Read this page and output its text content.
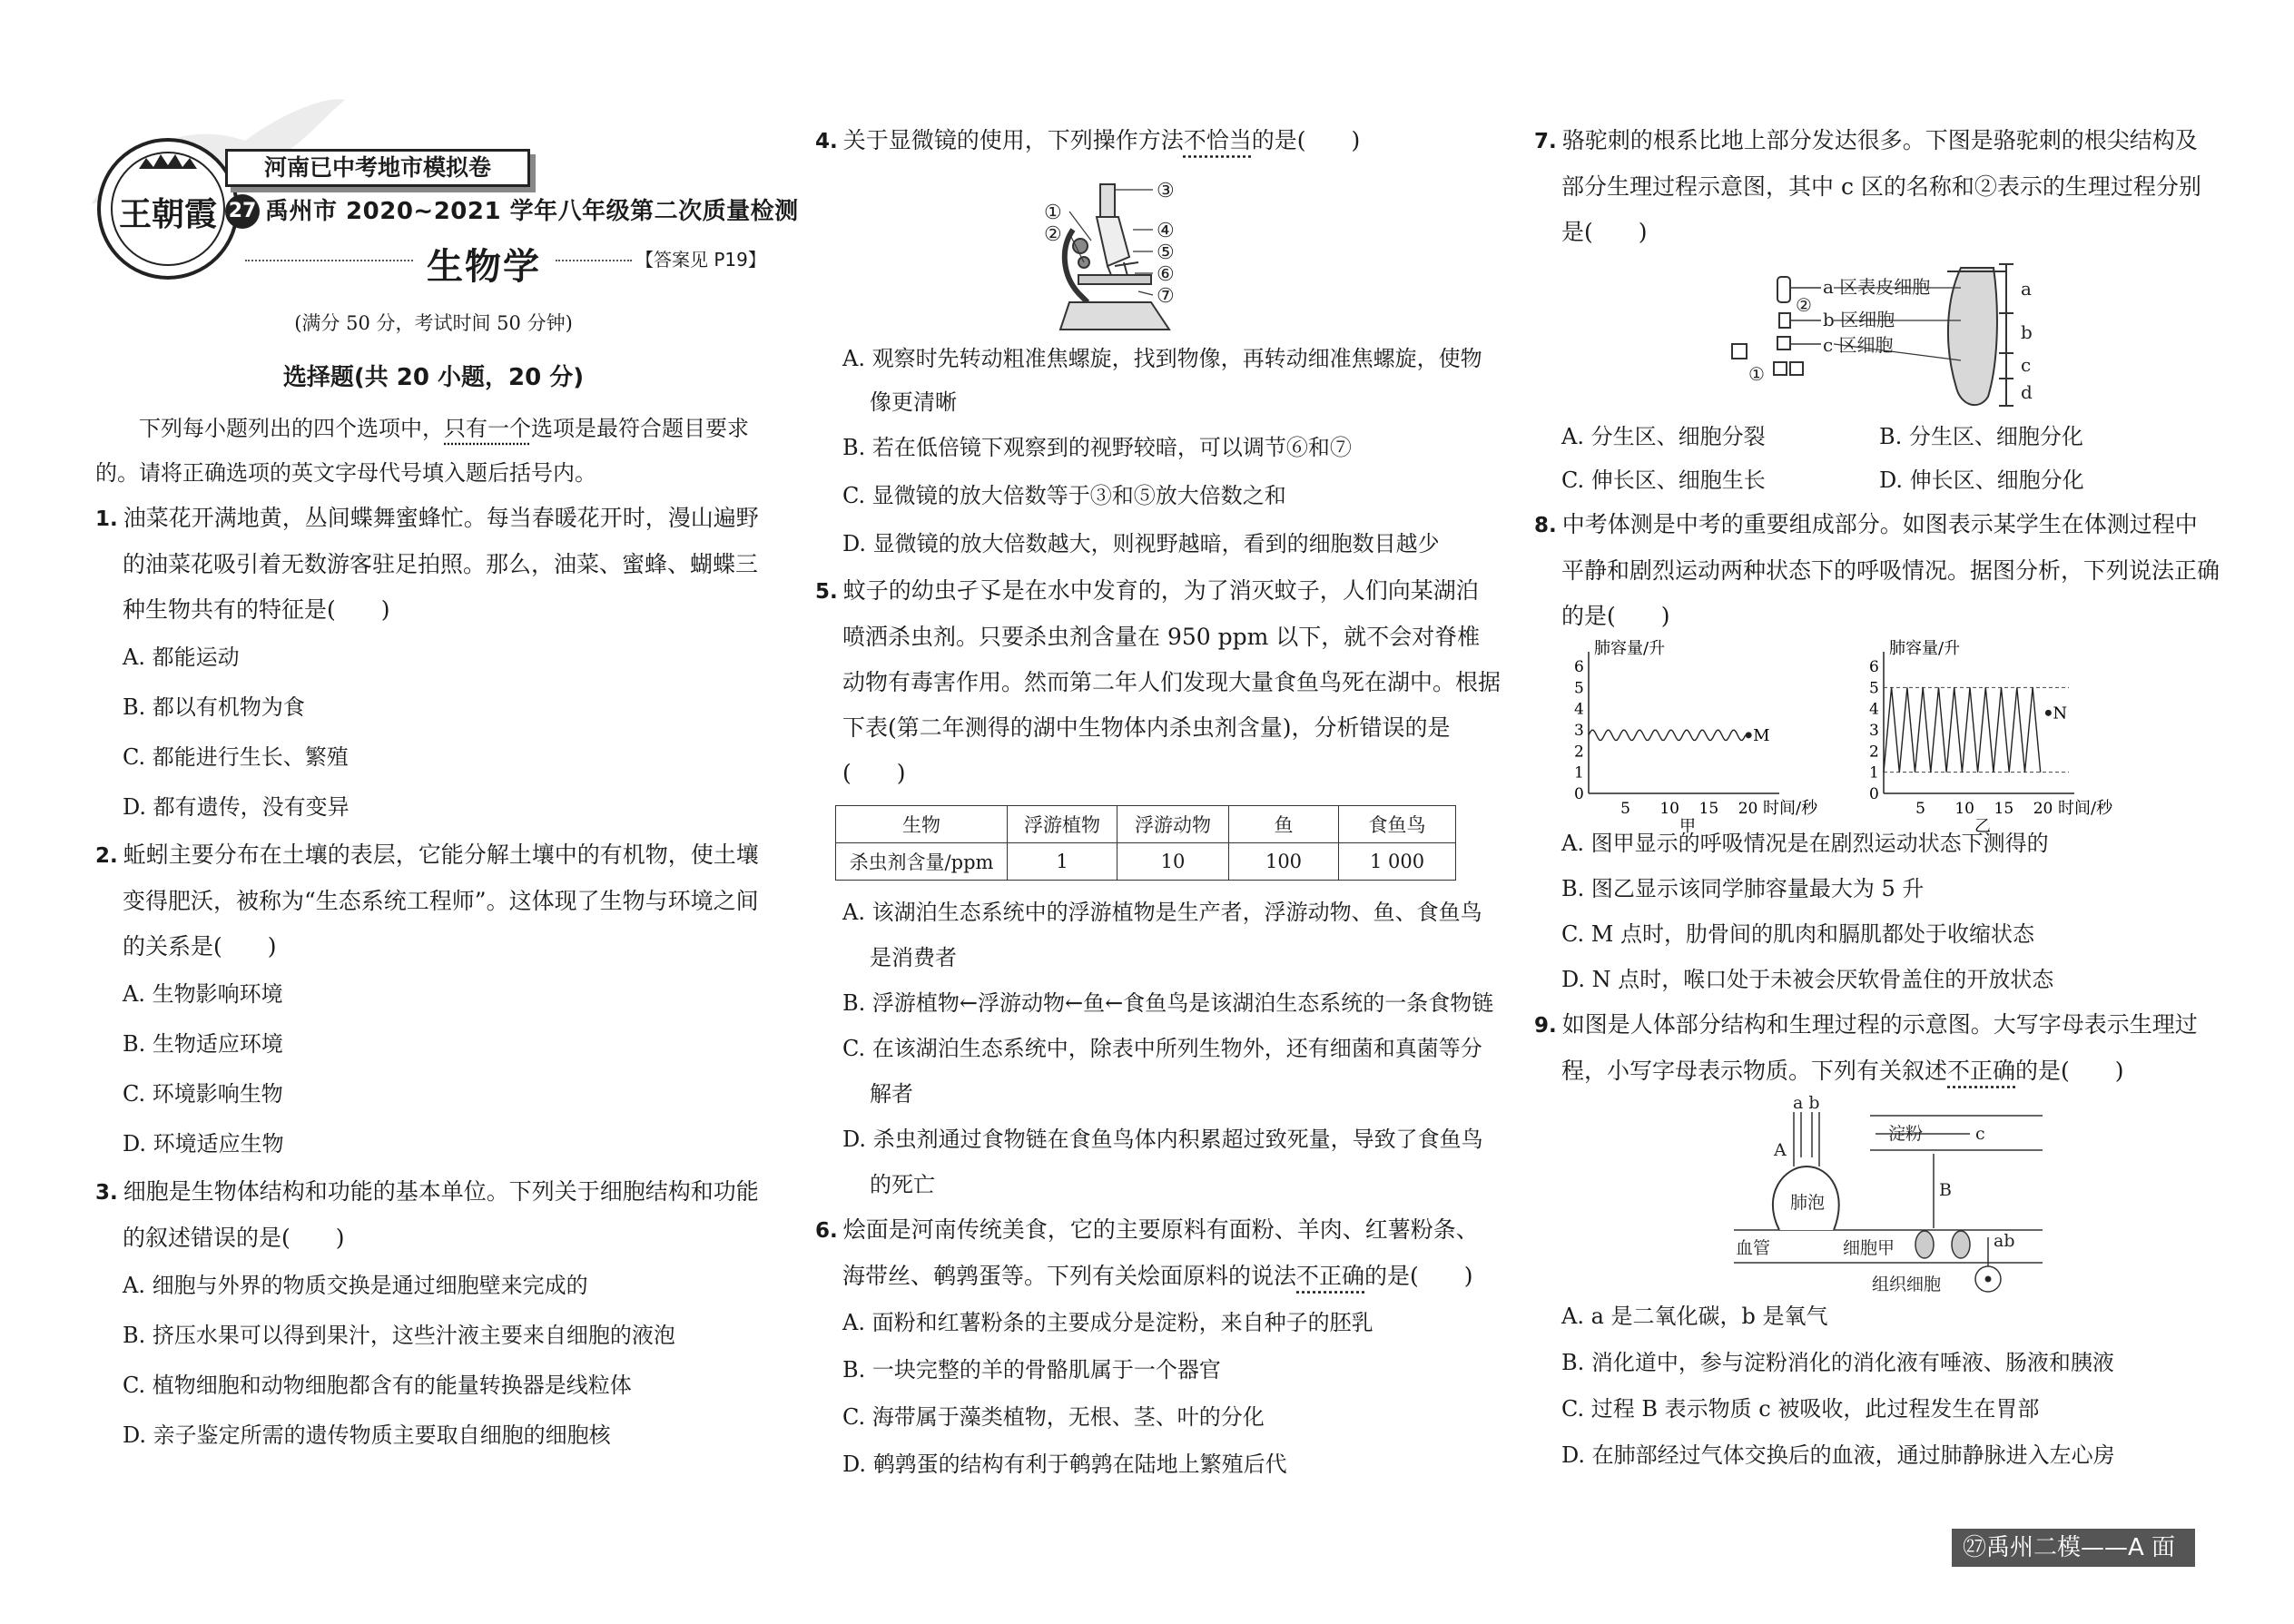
王朝霞
河南已中考地市模拟卷
27 禹州市 2020~2021 学年八年级第二次质量检测
生物学	【答案见 P19】
(满分 50 分，考试时间 50 分钟)
选择题(共 20 小题，20 分)
下列每小题列出的四个选项中，只有一个选项是最符合题目要求的。请将正确选项的英文字母代号填入题后括号内。
1. 油菜花开满地黄，丛间蝶舞蜜蜂忙。每当春暖花开时，漫山遍野的油菜花吸引着无数游客驻足拍照。那么，油菜、蜜蜂、蝴蝶三种生物共有的特征是(　　)
A. 都能运动
B. 都以有机物为食
C. 都能进行生长、繁殖
D. 都有遗传，没有变异
2. 蚯蚓主要分布在土壤的表层，它能分解土壤中的有机物，使土壤变得肥沃，被称为“生态系统工程师”。这体现了生物与环境之间的关系是(　　)
A. 生物影响环境
B. 生物适应环境
C. 环境影响生物
D. 环境适应生物
3. 细胞是生物体结构和功能的基本单位。下列关于细胞结构和功能的叙述错误的是(　　)
A. 细胞与外界的物质交换是通过细胞壁来完成的
B. 挤压水果可以得到果汁，这些汁液主要来自细胞的液泡
C. 植物细胞和动物细胞都含有的能量转换器是线粒体
D. 亲子鉴定所需的遗传物质主要取自细胞的细胞核
4. 关于显微镜的使用，下列操作方法不恰当的是(　　)
①
②
③
④
⑤
⑥
⑦
A. 观察时先转动粗准焦螺旋，找到物像，再转动细准焦螺旋，使物像更清晰
B. 若在低倍镜下观察到的视野较暗，可以调节⑥和⑦
C. 显微镜的放大倍数等于③和⑤放大倍数之和
D. 显微镜的放大倍数越大，则视野越暗，看到的细胞数目越少
5. 蚊子的幼虫孑孓是在水中发育的，为了消灭蚊子，人们向某湖泊喷洒杀虫剂。只要杀虫剂含量在 950 ppm 以下，就不会对脊椎动物有毒害作用。然而第二年人们发现大量食鱼鸟死在湖中。根据下表(第二年测得的湖中生物体内杀虫剂含量)，分析错误的是(　　)
生物	浮游植物	浮游动物	鱼	食鱼鸟
杀虫剂含量/ppm	1	10	100	1 000
A. 该湖泊生态系统中的浮游植物是生产者，浮游动物、鱼、食鱼鸟是消费者
B. 浮游植物←浮游动物←鱼←食鱼鸟是该湖泊生态系统的一条食物链
C. 在该湖泊生态系统中，除表中所列生物外，还有细菌和真菌等分解者
D. 杀虫剂通过食物链在食鱼鸟体内积累超过致死量，导致了食鱼鸟的死亡
6. 烩面是河南传统美食，它的主要原料有面粉、羊肉、红薯粉条、海带丝、鹌鹑蛋等。下列有关烩面原料的说法不正确的是(　　)
A. 面粉和红薯粉条的主要成分是淀粉，来自种子的胚乳
B. 一块完整的羊的骨骼肌属于一个器官
C. 海带属于藻类植物，无根、茎、叶的分化
D. 鹌鹑蛋的结构有利于鹌鹑在陆地上繁殖后代
7. 骆驼刺的根系比地上部分发达很多。下图是骆驼刺的根尖结构及部分生理过程示意图，其中 c 区的名称和②表示的生理过程分别是(　　)
a
b
c
d
a 区表皮细胞
b 区细胞
c 区细胞
①
②
A. 分生区、细胞分裂	B. 分生区、细胞分化
C. 伸长区、细胞生长	D. 伸长区、细胞分化
8. 中考体测是中考的重要组成部分。如图表示某学生在体测过程中平静和剧烈运动两种状态下的呼吸情况。据图分析，下列说法正确的是(　　)
肺容量/升
时间/秒
0
1
2
3
4
5
6
5 10 15 20
甲
M
肺容量/升
时间/秒
0
1
2
3
4
5
6
5 10 15 20
乙
N
A. 图甲显示的呼吸情况是在剧烈运动状态下测得的
B. 图乙显示该同学肺容量最大为 5 升
C. M 点时，肋骨间的肌肉和膈肌都处于收缩状态
D. N 点时，喉口处于未被会厌软骨盖住的开放状态
9. 如图是人体部分结构和生理过程的示意图。大写字母表示生理过程，小写字母表示物质。下列有关叙述不正确的是(　　)
a b
A
肺泡
淀粉	c
B
血管	细胞甲	ab
组织细胞
A. a 是二氧化碳，b 是氧气
B. 消化道中，参与淀粉消化的消化液有唾液、肠液和胰液
C. 过程 B 表示物质 c 被吸收，此过程发生在胃部
D. 在肺部经过气体交换后的血液，通过肺静脉进入左心房
㉗禹州二模——A 面
